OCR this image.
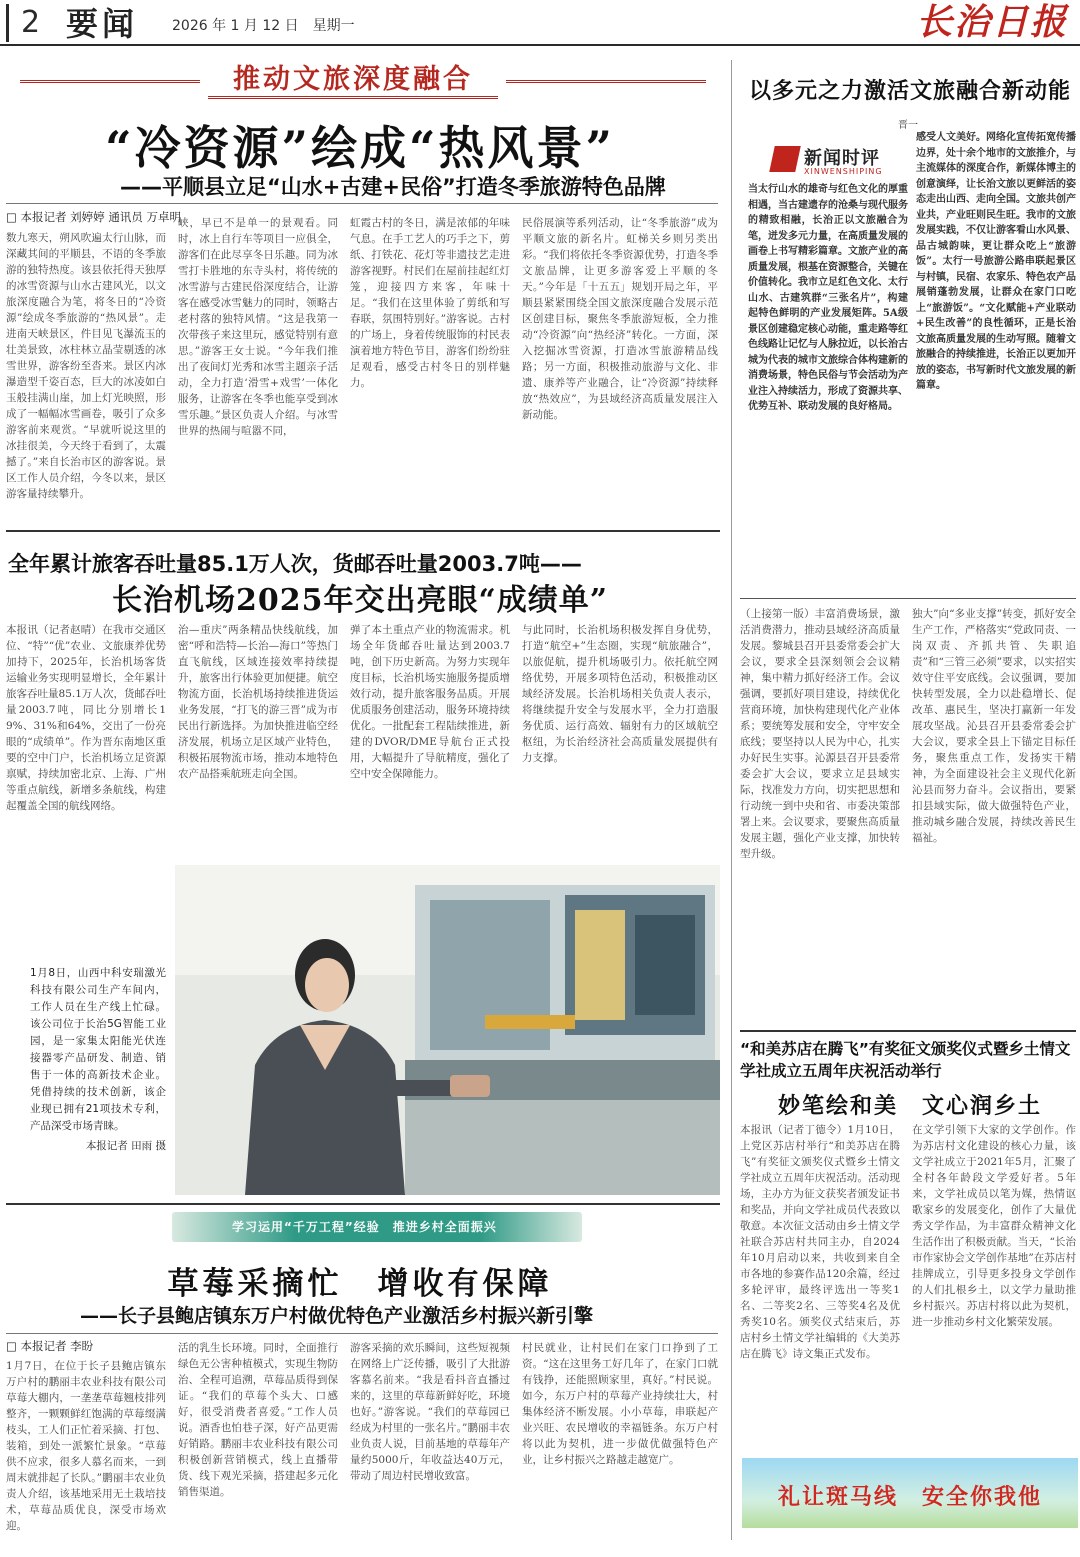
2 要闻 2026 年 1 月 12 日　星期一	长治日报
推动文旅深度融合
“冷资源”绘成“热风景”
——平顺县立足“山水+古建+民俗”打造冬季旅游特色品牌
□ 本报记者 刘婷婷 通讯员 万卓明
数九寒天，朔风吹遍太行山脉，而深藏其间的平顺县，不语的冬季旅游的独特热度。该县依托得天独厚的冰雪资源与山水古建风光，以文旅深度融合为笔，将冬日的“冷资源”绘成冬季旅游的“热风景”。走进南天峡景区，件目见飞瀑流玉的壮美景致，冰柱林立晶莹剔透的冰雪世界，游客纷至沓来。景区内冰瀑造型千姿百态，巨大的冰凌如白玉般挂满山崖，加上灯光映照，形成了一幅幅冰雪画卷，吸引了众多游客前来观赏。“早就听说这里的冰挂很美，今天终于看到了，太震撼了。”来自长治市区的游客说。景区工作人员介绍，今冬以来，景区游客量持续攀升。
峡，早已不是单一的景观看。同时，冰上自行车等项目一应俱全，游客们在此尽享冬日乐趣。同为冰雪打卡胜地的东寺头村，将传统的冰雪游与古建民俗深度结合，让游客在感受冰雪魅力的同时，领略古老村落的独特风情。“这是我第一次带孩子来这里玩，感觉特别有意思。”游客王女士说。“今年我们推出了夜间灯光秀和冰雪主题亲子活动，全力打造‘滑雪+戏雪’一体化服务，让游客在冬季也能享受到冰雪乐趣。”景区负责人介绍。与冰雪世界的热闹与喧嚣不同，
虹霞古村的冬日，满是浓郁的年味气息。在手工艺人的巧手之下，剪纸、打铁花、花灯等非遗技艺走进游客视野。村民们在屋前挂起红灯笼，迎接四方来客，年味十足。“我们在这里体验了剪纸和写春联，氛围特别好。”游客说。古村的广场上，身着传统服饰的村民表演着地方特色节目，游客们纷纷驻足观看，感受古村冬日的别样魅力。
民俗展演等系列活动，让“冬季旅游”成为平顺文旅的新名片。虹梯关乡则另类出彩。“我们将依托冬季资源优势，打造冬季文旅品牌，让更多游客爱上平顺的冬天。”今年是「十五五」规划开局之年，平顺县紧紧围绕全国文旅深度融合发展示范区创建目标，聚焦冬季旅游短板，全力推动“冷资源”向“热经济”转化。一方面，深入挖掘冰雪资源，打造冰雪旅游精品线路；另一方面，积极推动旅游与文化、非遗、康养等产业融合，让“冷资源”持续释放“热效应”，为县域经济高质量发展注入新动能。
以多元之力激活文旅融合新动能
晋一
新闻时评
XINWENSHIPING
当太行山水的雄奇与红色文化的厚重相遇，当古建遗存的沧桑与现代服务的精致相融，长治正以文旅融合为笔，迸发多元力量，在高质量发展的画卷上书写精彩篇章。文旅产业的高质量发展，根基在资源整合，关键在价值转化。我市立足红色文化、太行山水、古建筑群“三张名片”，构建起特色鲜明的产业发展矩阵。5A级景区创建稳定核心动能，重走路等红色线路让记忆与人脉拉近，以长治古城为代表的城市文旅综合体构建新的消费场景，特色民俗与节会活动为产业注入持续活力，形成了资源共享、优势互补、联动发展的良好格局。
感受人文美好。网络化宣传拓宽传播边界，处十余个地市的文旅推介，与主流媒体的深度合作，新媒体博主的创意演绎，让长治文旅以更鲜活的姿态走出山西、走向全国。文旅共创产业共，产业旺则民生旺。我市的文旅发展实践，不仅让游客看山水风景、品古城韵味，更让群众吃上“旅游饭”。太行一号旅游公路串联起景区与村镇，民宿、农家乐、特色农产品展销蓬勃发展，让群众在家门口吃上“旅游饭”。“文化赋能+产业联动+民生改善”的良性循环，正是长治文旅高质量发展的生动写照。随着文旅融合的持续推进，长治正以更加开放的姿态，书写新时代文旅发展的新篇章。
全年累计旅客吞吐量85.1万人次，货邮吞吐量2003.7吨——
长治机场2025年交出亮眼“成绩单”
本报讯（记者赵晴）在我市交通区位、“特”“优”农业、文旅康养优势加持下，2025年，长治机场客货运输业务实现明显增长，全年累计旅客吞吐量85.1万人次，货邮吞吐量2003.7吨，同比分别增长19%、31%和64%，交出了一份亮眼的“成绩单”。作为晋东南地区重要的空中门户，长治机场立足资源禀赋，持续加密北京、上海、广州等重点航线，新增多条航线，构建起覆盖全国的航线网络。
治—重庆”两条精品快线航线，加密“呼和浩特—长治—海口”等热门直飞航线，区域连接效率持续提升，旅客出行体验更加便捷。航空物流方面，长治机场持续推进货运业务发展，“打飞的游三晋”成为市民出行新选择。为加快推进临空经济发展，机场立足区域产业特色，积极拓展物流市场，推动本地特色农产品搭乘航班走向全国。
弹了本土重点产业的物流需求。机场全年货邮吞吐量达到2003.7吨，创下历史新高。为努力实现年度目标，长治机场实施服务提质增效行动，提升旅客服务品质。开展优质服务创建活动，服务环境持续优化。一批配套工程陆续推进，新建的DVOR/DME导航台正式投用，大幅提升了导航精度，强化了空中安全保障能力。
与此同时，长治机场积极发挥自身优势，打造“航空+”生态圈，实现“航旅融合”，以旅促航，提升机场吸引力。依托航空网络优势，开展多项特色活动，积极推动区域经济发展。长治机场相关负责人表示，将继续提升安全与发展水平，全力打造服务优质、运行高效、辐射有力的区域航空枢纽，为长治经济社会高质量发展提供有力支撑。
1月8日，山西中科安瑞激光科技有限公司生产车间内，工作人员在生产线上忙碌。该公司位于长治5G智能工业园，是一家集太阳能光伏连接器零产品研发、制造、销售于一体的高新技术企业。凭借持续的技术创新，该企业现已拥有21项技术专利，产品深受市场青睐。
本报记者 田雨 摄
（上接第一版）丰富消费场景，激活消费潜力，推动县域经济高质量发展。黎城县召开县委常委会扩大会议，要求全县深刻领会会议精神，集中精力抓好经济工作。会议强调，要抓好项目建设，持续优化营商环境，加快构建现代化产业体系；要统筹发展和安全，守牢安全底线；要坚持以人民为中心，扎实办好民生实事。沁源县召开县委常委会扩大会议，要求立足县域实际，找准发力方向，切实把思想和行动统一到中央和省、市委决策部署上来。会议要求，要聚焦高质量发展主题，强化产业支撑，加快转型升级。
独大”向“多业支撑”转变，抓好安全生产工作，严格落实“党政同责、一岗双责、齐抓共管、失职追责”和“三管三必须”要求，以实招实效守住平安底线。会议强调，要加快转型发展，全力以赴稳增长、促改革、惠民生，坚决打赢新一年发展攻坚战。沁县召开县委常委会扩大会议，要求全县上下锚定目标任务，聚焦重点工作，发扬实干精神，为全面建设社会主义现代化新沁县而努力奋斗。会议指出，要紧扣县域实际，做大做强特色产业，推动城乡融合发展，持续改善民生福祉。
“和美苏店在腾飞”有奖征文颁奖仪式暨乡土情文学社成立五周年庆祝活动举行
妙笔绘和美　文心润乡土
本报讯（记者丁德令）1月10日，上党区苏店村举行“和美苏店在腾飞”有奖征文颁奖仪式暨乡土情文学社成立五周年庆祝活动。活动现场，主办方为征文获奖者颁发证书和奖品，并向文学社成员代表致以敬意。本次征文活动由乡土情文学社联合苏店村共同主办，自2024年10月启动以来，共收到来自全市各地的参赛作品120余篇，经过多轮评审，最终评选出一等奖1名、二等奖2名、三等奖4名及优秀奖10名。颁奖仪式结束后，苏店村乡土情文学社编辑的《大美苏店在腾飞》诗文集正式发布。
在文学引领下大家的文学创作。作为苏店村文化建设的核心力量，该文学社成立于2021年5月，汇聚了全村各年龄段文学爱好者。5年来，文学社成员以笔为媒，热情讴歌家乡的发展变化，创作了大量优秀文学作品，为丰富群众精神文化生活作出了积极贡献。当天，“长治市作家协会文学创作基地”在苏店村挂牌成立，引导更多投身文学创作的人们扎根乡土，以文学力量助推乡村振兴。苏店村将以此为契机，进一步推动乡村文化繁荣发展。
学习运用“千万工程”经验　推进乡村全面振兴
草莓采摘忙　增收有保障
——长子县鲍店镇东万户村做优特色产业激活乡村振兴新引擎
□ 本报记者 李盼
1月7日，在位于长子县鲍店镇东万户村的鹏丽丰农业科技有限公司草莓大棚内，一垄垄草莓翘枝排列整齐，一颗颗鲜红饱满的草莓缀满枝头，工人们正忙着采摘、打包、装箱，到处一派繁忙景象。“草莓供不应求，很多人慕名而来，一到周末就排起了长队。”鹏丽丰农业负责人介绍，该基地采用无土栽培技术，草莓品质优良，深受市场欢迎。
活的乳生长环境。同时，全面推行绿色无公害种植模式，实现生物防治、全程可追溯，草莓品质得到保证。“我们的草莓个头大、口感好，很受消费者喜爱。”工作人员说。酒香也怕巷子深，好产品更需好销路。鹏丽丰农业科技有限公司积极创新营销模式，线上直播带货、线下观光采摘，搭建起多元化销售渠道。
游客采摘的欢乐瞬间，这些短视频在网络上广泛传播，吸引了大批游客慕名前来。“我是看抖音直播过来的，这里的草莓新鲜好吃，环境也好。”游客说。“我们的草莓园已经成为村里的一张名片。”鹏丽丰农业负责人说，目前基地的草莓年产量约5000斤，年收益达40万元，带动了周边村民增收致富。
村民就业，让村民们在家门口挣到了工资。“这在这里务工好几年了，在家门口就有钱挣，还能照顾家里，真好。”村民说。如今，东万户村的草莓产业持续壮大，村集体经济不断发展。小小草莓，串联起产业兴旺、农民增收的幸福链条。东万户村将以此为契机，进一步做优做强特色产业，让乡村振兴之路越走越宽广。
礼让斑马线　安全你我他
